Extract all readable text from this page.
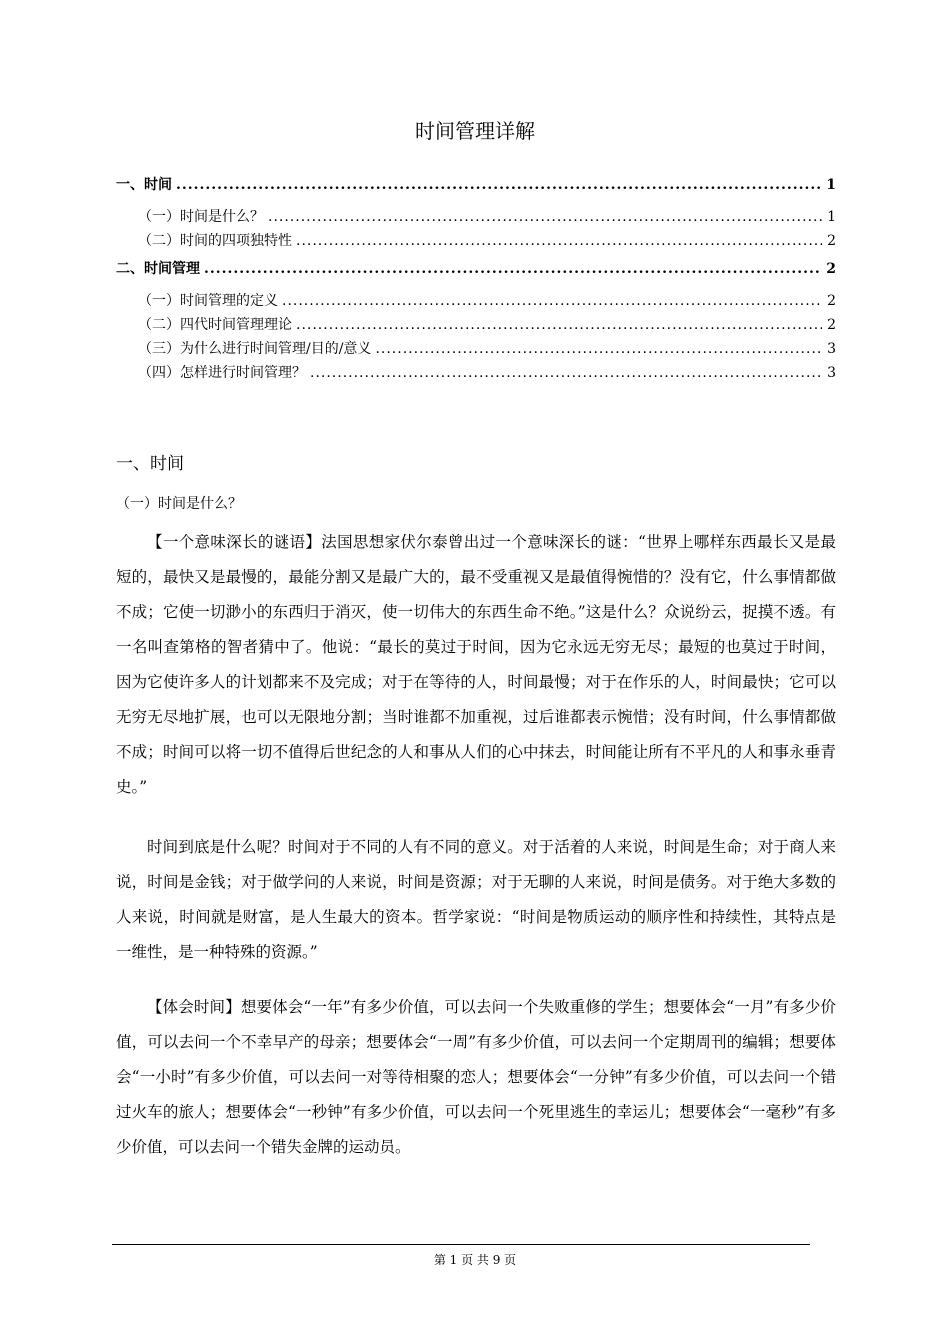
时间管理详解
一、时间 .....	1
（一）时间是什么？ .....	1
（二）时间的四项独特性 .....	2
二、时间管理 .....	2
（一）时间管理的定义 .....	2
（二）四代时间管理理论 .....	2
（三）为什么进行时间管理/目的/意义 .....	3
（四）怎样进行时间管理？ .....	3
一、时间
（一）时间是什么？

【一个意味深长的谜语】法国思想家伏尔泰曾出过一个意味深长的谜：“世界上哪样东西最长又是最短的，最快又是最慢的，最能分割又是最广大的，最不受重视又是最值得惋惜的？没有它，什么事情都做不成；它使一切渺小的东西归于消灭，使一切伟大的东西生命不绝。”这是什么？众说纷云，捉摸不透。有一名叫查第格的智者猜中了。他说：“最长的莫过于时间，因为它永远无穷无尽；最短的也莫过于时间，因为它使许多人的计划都来不及完成；对于在等待的人，时间最慢；对于在作乐的人，时间最快；它可以无穷无尽地扩展，也可以无限地分割；当时谁都不加重视，过后谁都表示惋惜；没有时间，什么事情都做不成；时间可以将一切不值得后世纪念的人和事从人们的心中抹去，时间能让所有不平凡的人和事永垂青史。”

时间到底是什么呢？时间对于不同的人有不同的意义。对于活着的人来说，时间是生命；对于商人来说，时间是金钱；对于做学问的人来说，时间是资源；对于无聊的人来说，时间是债务。对于绝大多数的人来说，时间就是财富，是人生最大的资本。哲学家说：“时间是物质运动的顺序性和持续性，其特点是一维性，是一种特殊的资源。”

【体会时间】想要体会“一年”有多少价值，可以去问一个失败重修的学生；想要体会“一月”有多少价值，可以去问一个不幸早产的母亲；想要体会“一周”有多少价值，可以去问一个定期周刊的编辑；想要体会“一小时”有多少价值，可以去问一对等待相聚的恋人；想要体会“一分钟”有多少价值，可以去问一个错过火车的旅人；想要体会“一秒钟”有多少价值，可以去问一个死里逃生的幸运儿；想要体会“一毫秒”有多少价值，可以去问一个错失金牌的运动员。

第 1 页 共 9 页
